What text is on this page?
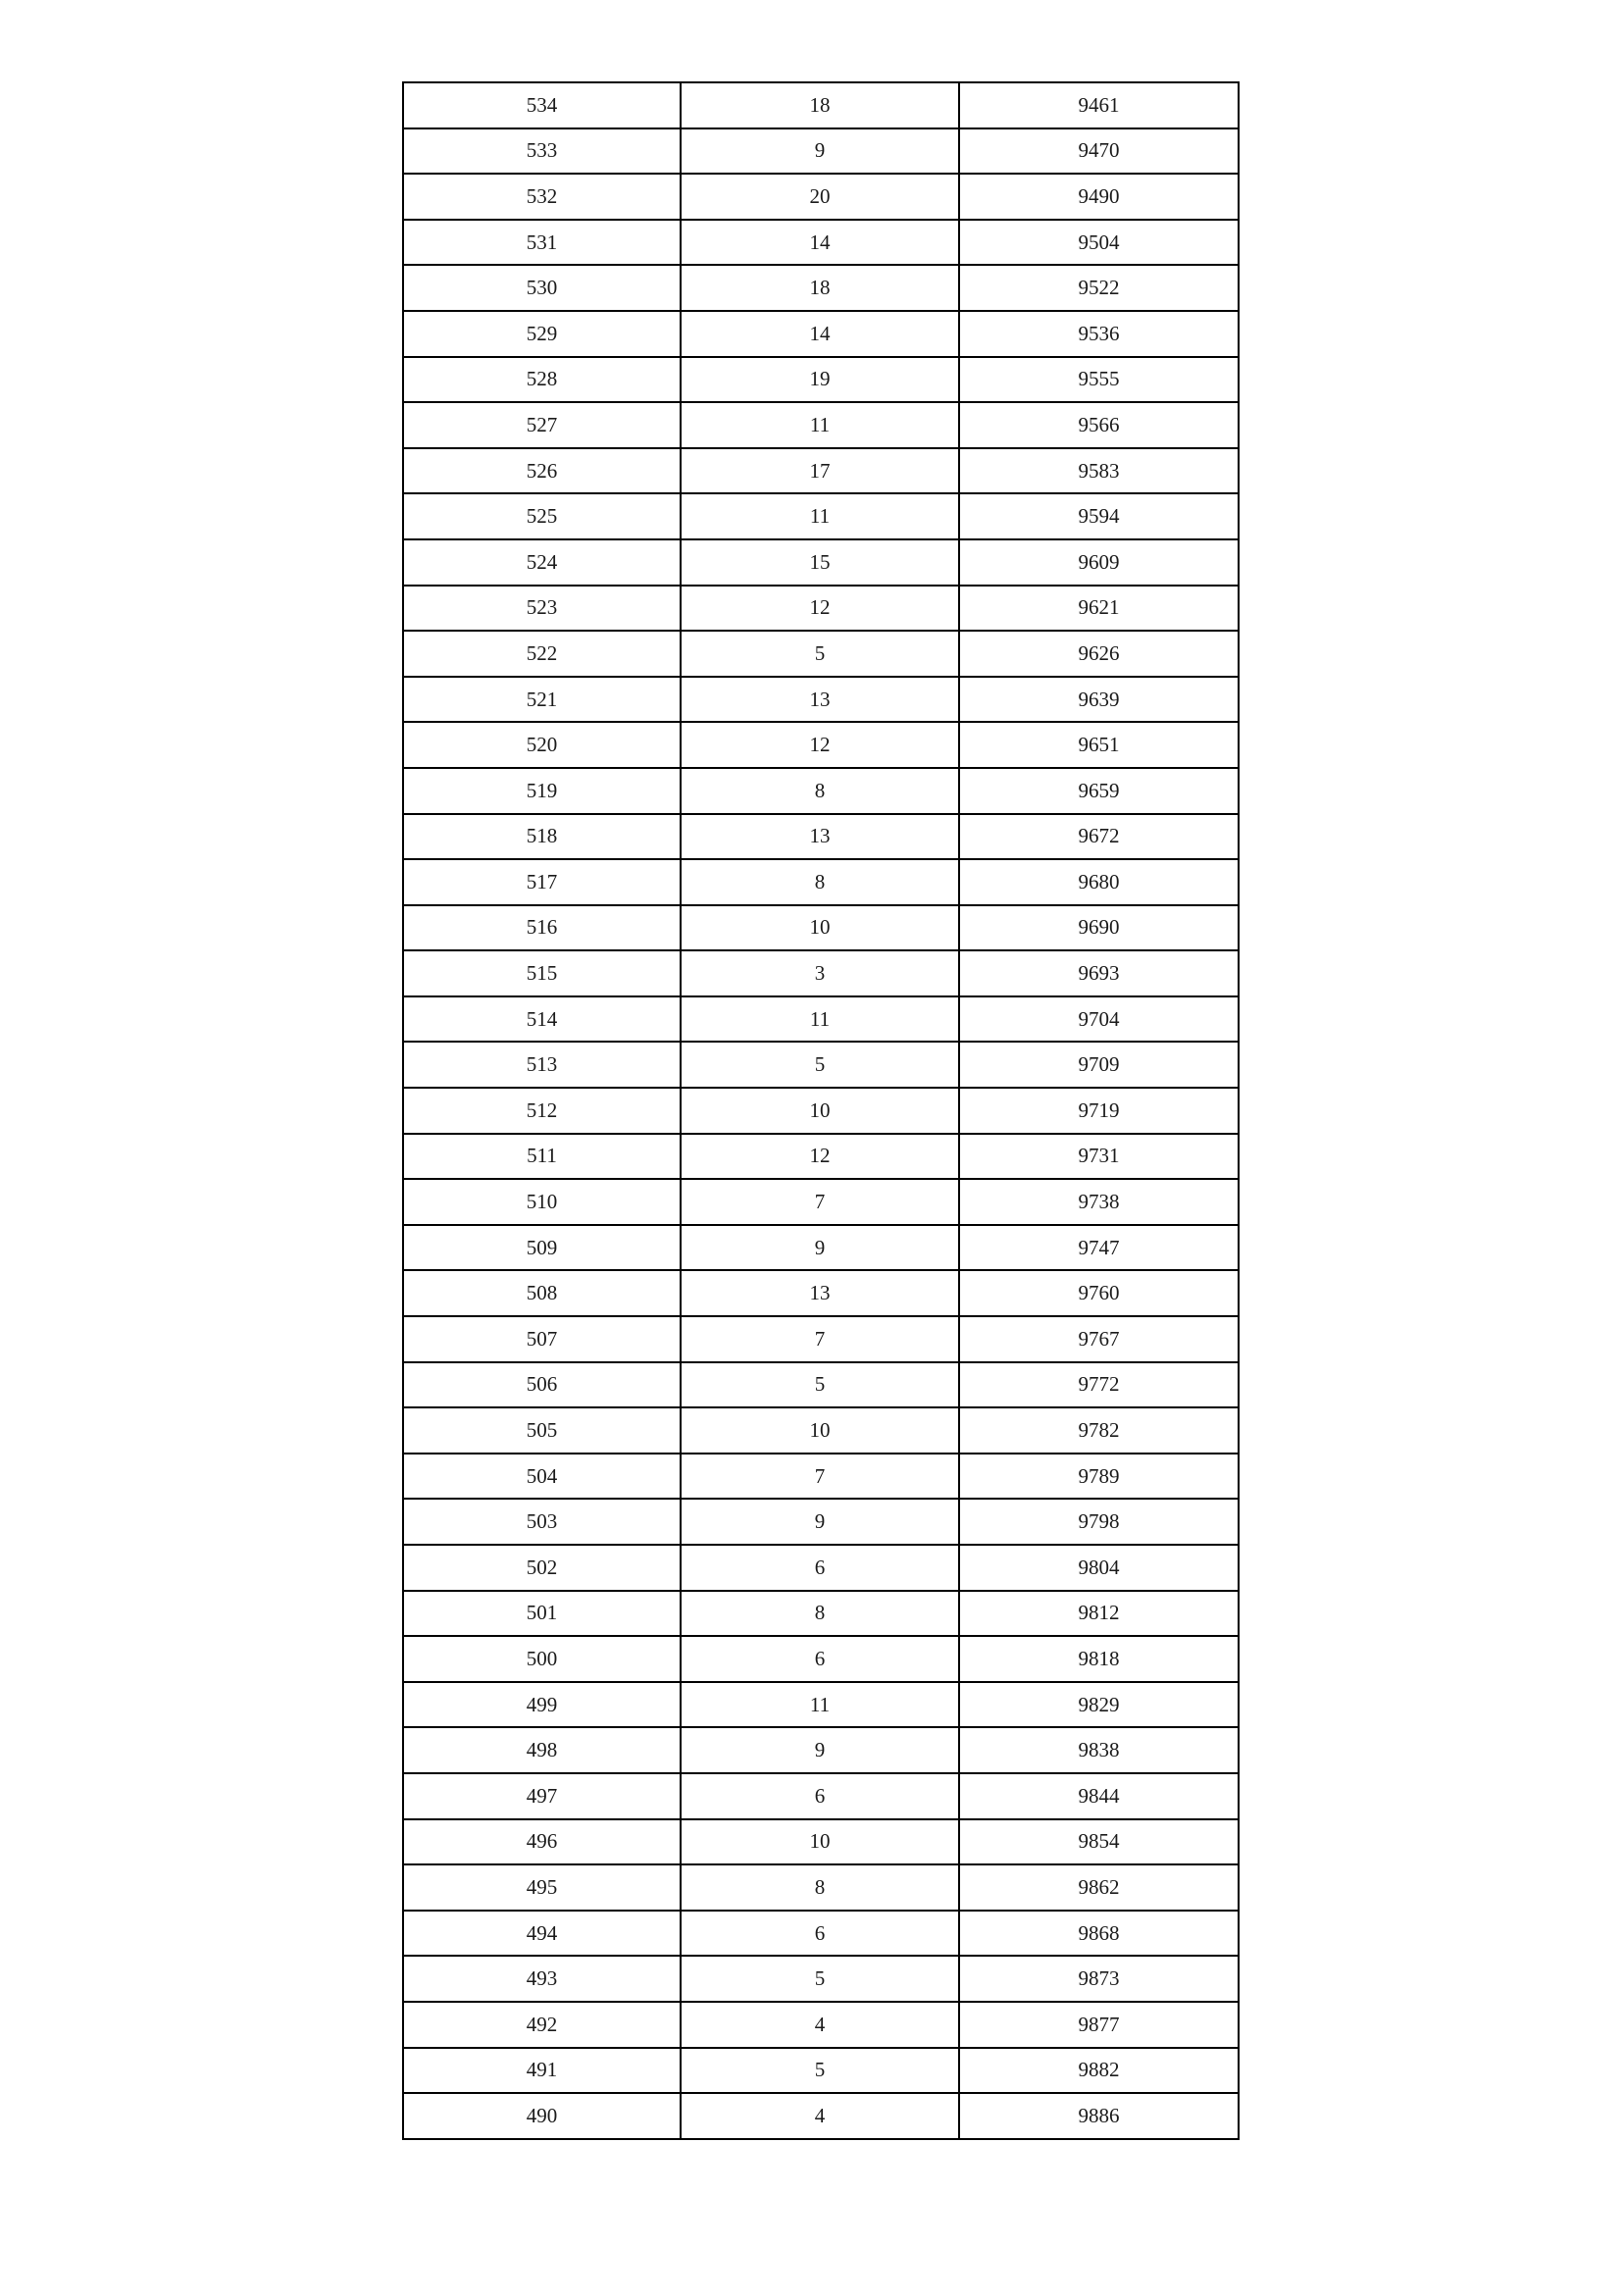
534	18	9461
533	9	9470
532	20	9490
531	14	9504
530	18	9522
529	14	9536
528	19	9555
527	11	9566
526	17	9583
525	11	9594
524	15	9609
523	12	9621
522	5	9626
521	13	9639
520	12	9651
519	8	9659
518	13	9672
517	8	9680
516	10	9690
515	3	9693
514	11	9704
513	5	9709
512	10	9719
511	12	9731
510	7	9738
509	9	9747
508	13	9760
507	7	9767
506	5	9772
505	10	9782
504	7	9789
503	9	9798
502	6	9804
501	8	9812
500	6	9818
499	11	9829
498	9	9838
497	6	9844
496	10	9854
495	8	9862
494	6	9868
493	5	9873
492	4	9877
491	5	9882
490	4	9886
